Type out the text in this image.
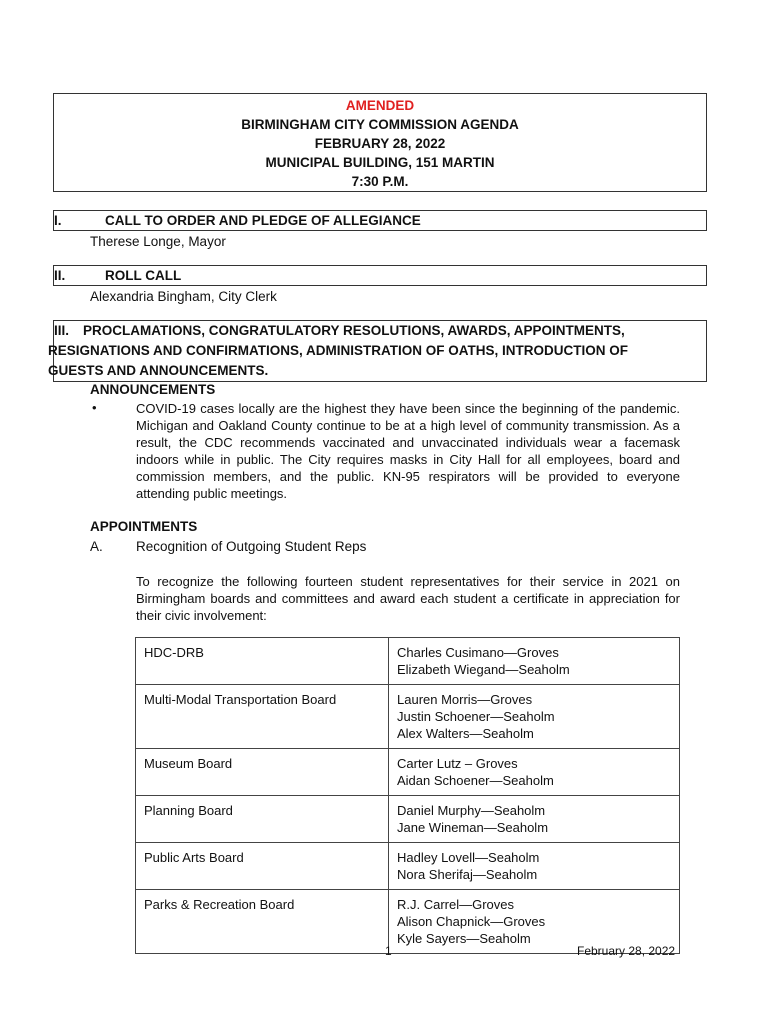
AMENDED
BIRMINGHAM CITY COMMISSION AGENDA
FEBRUARY 28, 2022
MUNICIPAL BUILDING, 151 MARTIN
7:30 P.M.
I.	CALL TO ORDER AND PLEDGE OF ALLEGIANCE
Therese Longe, Mayor
II.	ROLL CALL
Alexandria Bingham, City Clerk
III. PROCLAMATIONS, CONGRATULATORY RESOLUTIONS, AWARDS, APPOINTMENTS,
RESIGNATIONS AND CONFIRMATIONS, ADMINISTRATION OF OATHS, INTRODUCTION OF
GUESTS AND ANNOUNCEMENTS.
ANNOUNCEMENTS
•	COVID-19 cases locally are the highest they have been since the beginning of the pandemic. Michigan and Oakland County continue to be at a high level of community transmission. As a result, the CDC recommends vaccinated and unvaccinated individuals wear a facemask indoors while in public. The City requires masks in City Hall for all employees, board and commission members, and the public. KN-95 respirators will be provided to everyone attending public meetings.
APPOINTMENTS
A. Recognition of Outgoing Student Reps
To recognize the following fourteen student representatives for their service in 2021 on Birmingham boards and committees and award each student a certificate in appreciation for their civic involvement:
HDC-DRB	Charles Cusimano—Groves
Elizabeth Wiegand—Seaholm

Multi-Modal Transportation Board	Lauren Morris—Groves
Justin Schoener—Seaholm
Alex Walters—Seaholm

Museum Board	Carter Lutz – Groves
Aidan Schoener—Seaholm

Planning Board	Daniel Murphy—Seaholm
Jane Wineman—Seaholm

Public Arts Board	Hadley Lovell—Seaholm
Nora Sherifaj—Seaholm

Parks & Recreation Board	R.J. Carrel—Groves
Alison Chapnick—Groves
Kyle Sayers—Seaholm
1	February 28, 2022
